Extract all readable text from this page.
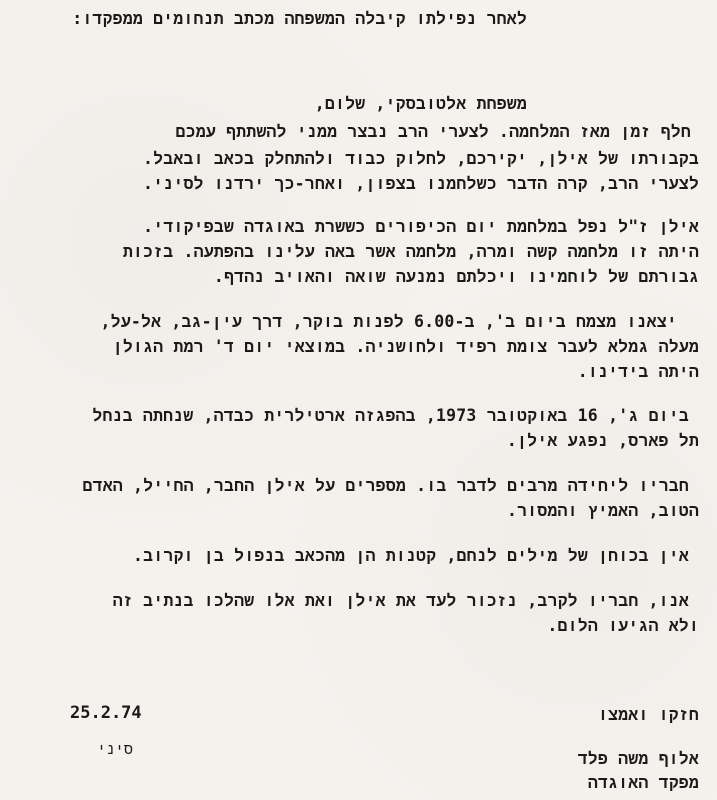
לאחר נפילתו קיבלה המשפחה מכתב תנחומים ממפקדו:
משפחת אלטובסקי, שלום,
חלף זמן מאז המלחמה. לצערי הרב נבצר ממני להשתתף עמכם
בקבורתו של אילן, יקירכם, לחלוק כבוד ולהתחלק בכאב ובאבל.
לצערי הרב, קרה הדבר כשלחמנו בצפון, ואחר-כך ירדנו לסיני.
אילן ז"ל נפל במלחמת יום הכיפורים כששרת באוגדה שבפיקודי.
היתה זו מלחמה קשה ומרה, מלחמה אשר באה עלינו בהפתעה. בזכות
גבורתם של לוחמינו ויכלתם נמנעה שואה והאויב נהדף.
יצאנו מצמח ביום ב', ב-6.00 לפנות בוקר, דרך עין-גב, אל-על,
מעלה גמלא לעבר צומת רפיד ולחושניה. במוצאי יום ד' רמת הגולן
היתה בידינו.
ביום ג', 16 באוקטובר 1973, בהפגזה ארטילרית כבדה, שנחתה בנחל
תל פארס, נפגע אילן.
חבריו ליחידה מרבים לדבר בו. מספרים על אילן החבר, החייל, האדם
הטוב, האמיץ והמסור.
אין בכוחן של מילים לנחם, קטנות הן מהכאב בנפול בן וקרוב.
אנו, חבריו לקרב, נזכור לעד את אילן ואת אלו שהלכו בנתיב זה
ולא הגיעו הלום.
חזקו ואמצו
25.2.74
סיני	אלוף משה פלד
מפקד האוגדה
